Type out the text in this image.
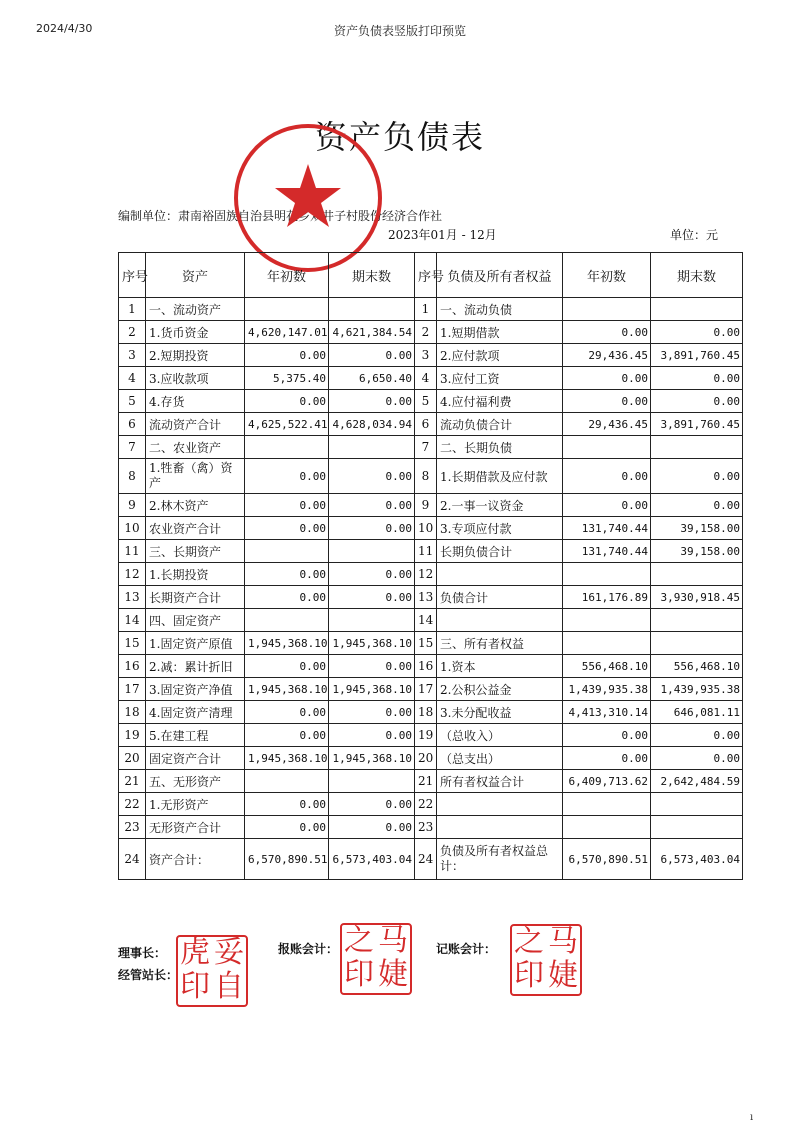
2024/4/30	资产负债表竖版打印预览
资产负债表
编制单位：肃南裕固族自治县明花乡双井子村股份经济合作社
2023年01月 - 12月	单位：元
序号	资产	年初数	期末数	序号	负债及所有者权益	年初数	期末数
1	一、流动资产			1	一、流动负债		
2	1.货币资金	4,620,147.01	4,621,384.54	2	1.短期借款	0.00	0.00
3	2.短期投资	0.00	0.00	3	2.应付款项	29,436.45	3,891,760.45
4	3.应收款项	5,375.40	6,650.40	4	3.应付工资	0.00	0.00
5	4.存货	0.00	0.00	5	4.应付福利费	0.00	0.00
6	流动资产合计	4,625,522.41	4,628,034.94	6	流动负债合计	29,436.45	3,891,760.45
7	二、农业资产			7	二、长期负债		
8	1.牲畜（禽）资产	0.00	0.00	8	1.长期借款及应付款	0.00	0.00
9	2.林木资产	0.00	0.00	9	2.一事一议资金	0.00	0.00
10	农业资产合计	0.00	0.00	10	3.专项应付款	131,740.44	39,158.00
11	三、长期资产			11	长期负债合计	131,740.44	39,158.00
12	1.长期投资	0.00	0.00	12			
13	长期资产合计	0.00	0.00	13	负债合计	161,176.89	3,930,918.45
14	四、固定资产			14			
15	1.固定资产原值	1,945,368.10	1,945,368.10	15	三、所有者权益		
16	2.减：累计折旧	0.00	0.00	16	1.资本	556,468.10	556,468.10
17	3.固定资产净值	1,945,368.10	1,945,368.10	17	2.公积公益金	1,439,935.38	1,439,935.38
18	4.固定资产清理	0.00	0.00	18	3.未分配收益	4,413,310.14	646,081.11
19	5.在建工程	0.00	0.00	19	（总收入）	0.00	0.00
20	固定资产合计	1,945,368.10	1,945,368.10	20	（总支出）	0.00	0.00
21	五、无形资产			21	所有者权益合计	6,409,713.62	2,642,484.59
22	1.无形资产	0.00	0.00	22			
23	无形资产合计	0.00	0.00	23			
24	资产合计：	6,570,890.51	6,573,403.04	24	负债及所有者权益总计：	6,570,890.51	6,573,403.04
理事长：
经管站长：
虎 妥
印 自
报账会计： 之 马
印 婕
记账会计： 之 马
印 婕
ı
